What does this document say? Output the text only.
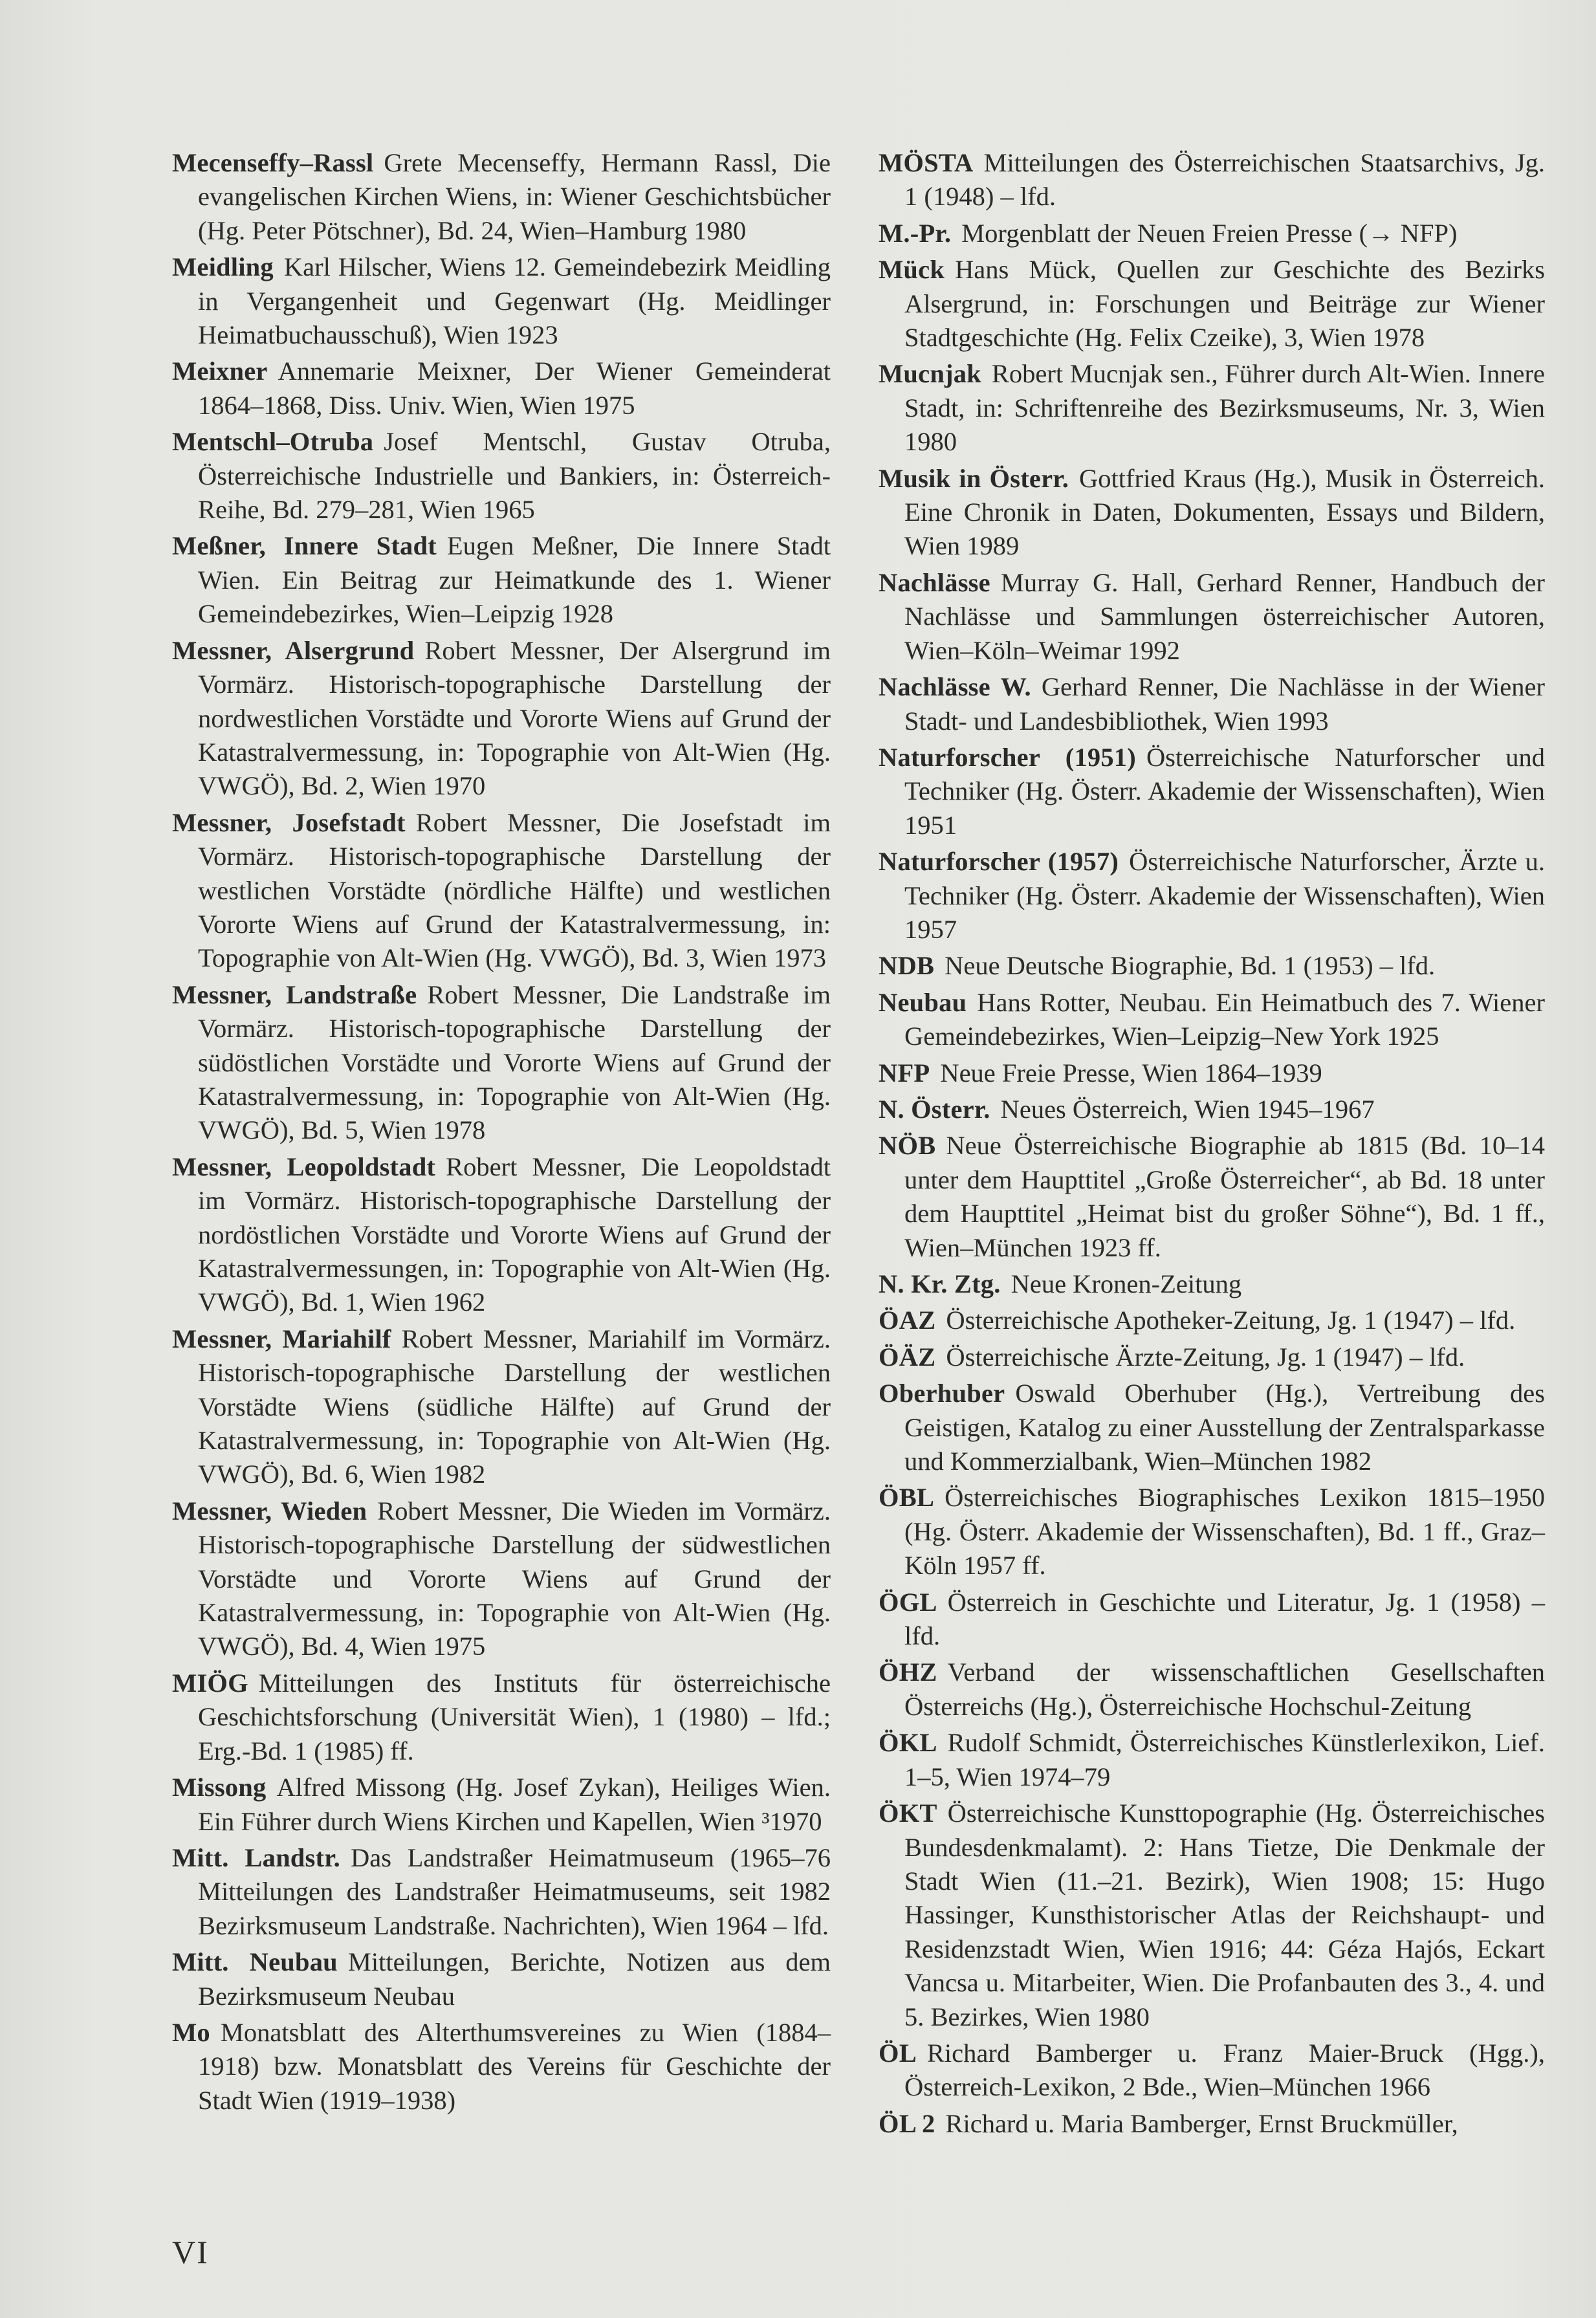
Mecenseffy–Rassl Grete Mecenseffy, Hermann Rassl, Die evangelischen Kirchen Wiens, in: Wiener Geschichtsbücher (Hg. Peter Pötschner), Bd. 24, Wien–Hamburg 1980

Meidling Karl Hilscher, Wiens 12. Gemeindebezirk Meidling in Vergangenheit und Gegenwart (Hg. Meidlinger Heimatbuchausschuß), Wien 1923

Meixner Annemarie Meixner, Der Wiener Gemeinderat 1864–1868, Diss. Univ. Wien, Wien 1975

Mentschl–Otruba Josef Mentschl, Gustav Otruba, Österreichische Industrielle und Bankiers, in: Österreich-Reihe, Bd. 279–281, Wien 1965

Meßner, Innere Stadt Eugen Meßner, Die Innere Stadt Wien. Ein Beitrag zur Heimatkunde des 1. Wiener Gemeindebezirkes, Wien–Leipzig 1928

Messner, Alsergrund Robert Messner, Der Alsergrund im Vormärz. Historisch-topographische Darstellung der nordwestlichen Vorstädte und Vororte Wiens auf Grund der Katastralvermessung, in: Topographie von Alt-Wien (Hg. VWGÖ), Bd. 2, Wien 1970

Messner, Josefstadt Robert Messner, Die Josefstadt im Vormärz. Historisch-topographische Darstellung der westlichen Vorstädte (nördliche Hälfte) und westlichen Vororte Wiens auf Grund der Katastralvermessung, in: Topographie von Alt-Wien (Hg. VWGÖ), Bd. 3, Wien 1973

Messner, Landstraße Robert Messner, Die Landstraße im Vormärz. Historisch-topographische Darstellung der südöstlichen Vorstädte und Vororte Wiens auf Grund der Katastralvermessung, in: Topographie von Alt-Wien (Hg. VWGÖ), Bd. 5, Wien 1978

Messner, Leopoldstadt Robert Messner, Die Leopoldstadt im Vormärz. Historisch-topographische Darstellung der nordöstlichen Vorstädte und Vororte Wiens auf Grund der Katastralvermessungen, in: Topographie von Alt-Wien (Hg. VWGÖ), Bd. 1, Wien 1962

Messner, Mariahilf Robert Messner, Mariahilf im Vormärz. Historisch-topographische Darstellung der westlichen Vorstädte Wiens (südliche Hälfte) auf Grund der Katastralvermessung, in: Topographie von Alt-Wien (Hg. VWGÖ), Bd. 6, Wien 1982

Messner, Wieden Robert Messner, Die Wieden im Vormärz. Historisch-topographische Darstellung der südwestlichen Vorstädte und Vororte Wiens auf Grund der Katastralvermessung, in: Topographie von Alt-Wien (Hg. VWGÖ), Bd. 4, Wien 1975

MIÖG Mitteilungen des Instituts für österreichische Geschichtsforschung (Universität Wien), 1 (1980) – lfd.; Erg.-Bd. 1 (1985) ff.

Missong Alfred Missong (Hg. Josef Zykan), Heiliges Wien. Ein Führer durch Wiens Kirchen und Kapellen, Wien ³1970

Mitt. Landstr. Das Landstraßer Heimatmuseum (1965–76 Mitteilungen des Landstraßer Heimatmuseums, seit 1982 Bezirksmuseum Landstraße. Nachrichten), Wien 1964 – lfd.

Mitt. Neubau Mitteilungen, Berichte, Notizen aus dem Bezirksmuseum Neubau

Mo Monatsblatt des Alterthumsvereines zu Wien (1884–1918) bzw. Monatsblatt des Vereins für Geschichte der Stadt Wien (1919–1938)

MÖSTA Mitteilungen des Österreichischen Staatsarchivs, Jg. 1 (1948) – lfd.

M.-Pr. Morgenblatt der Neuen Freien Presse (→ NFP)

Mück Hans Mück, Quellen zur Geschichte des Bezirks Alsergrund, in: Forschungen und Beiträge zur Wiener Stadtgeschichte (Hg. Felix Czeike), 3, Wien 1978

Mucnjak Robert Mucnjak sen., Führer durch Alt-Wien. Innere Stadt, in: Schriftenreihe des Bezirksmuseums, Nr. 3, Wien 1980

Musik in Österr. Gottfried Kraus (Hg.), Musik in Österreich. Eine Chronik in Daten, Dokumenten, Essays und Bildern, Wien 1989

Nachlässe Murray G. Hall, Gerhard Renner, Handbuch der Nachlässe und Sammlungen österreichischer Autoren, Wien–Köln–Weimar 1992

Nachlässe W. Gerhard Renner, Die Nachlässe in der Wiener Stadt- und Landesbibliothek, Wien 1993

Naturforscher (1951) Österreichische Naturforscher und Techniker (Hg. Österr. Akademie der Wissenschaften), Wien 1951

Naturforscher (1957) Österreichische Naturforscher, Ärzte u. Techniker (Hg. Österr. Akademie der Wissenschaften), Wien 1957

NDB Neue Deutsche Biographie, Bd. 1 (1953) – lfd.

Neubau Hans Rotter, Neubau. Ein Heimatbuch des 7. Wiener Gemeindebezirkes, Wien–Leipzig–New York 1925

NFP Neue Freie Presse, Wien 1864–1939

N. Österr. Neues Österreich, Wien 1945–1967

NÖB Neue Österreichische Biographie ab 1815 (Bd. 10–14 unter dem Haupttitel „Große Österreicher“, ab Bd. 18 unter dem Haupttitel „Heimat bist du großer Söhne“), Bd. 1 ff., Wien–München 1923 ff.

N. Kr. Ztg. Neue Kronen-Zeitung

ÖAZ Österreichische Apotheker-Zeitung, Jg. 1 (1947) – lfd.

ÖÄZ Österreichische Ärzte-Zeitung, Jg. 1 (1947) – lfd.

Oberhuber Oswald Oberhuber (Hg.), Vertreibung des Geistigen, Katalog zu einer Ausstellung der Zentralsparkasse und Kommerzialbank, Wien–München 1982

ÖBL Österreichisches Biographisches Lexikon 1815–1950 (Hg. Österr. Akademie der Wissenschaften), Bd. 1 ff., Graz–Köln 1957 ff.

ÖGL Österreich in Geschichte und Literatur, Jg. 1 (1958) – lfd.

ÖHZ Verband der wissenschaftlichen Gesellschaften Österreichs (Hg.), Österreichische Hochschul-Zeitung

ÖKL Rudolf Schmidt, Österreichisches Künstlerlexikon, Lief. 1–5, Wien 1974–79

ÖKT Österreichische Kunsttopographie (Hg. Österreichisches Bundesdenkmalamt). 2: Hans Tietze, Die Denkmale der Stadt Wien (11.–21. Bezirk), Wien 1908; 15: Hugo Hassinger, Kunsthistorischer Atlas der Reichshaupt- und Residenzstadt Wien, Wien 1916; 44: Géza Hajós, Eckart Vancsa u. Mitarbeiter, Wien. Die Profanbauten des 3., 4. und 5. Bezirkes, Wien 1980

ÖL Richard Bamberger u. Franz Maier-Bruck (Hgg.), Österreich-Lexikon, 2 Bde., Wien–München 1966

ÖL 2 Richard u. Maria Bamberger, Ernst Bruckmüller,

VI
